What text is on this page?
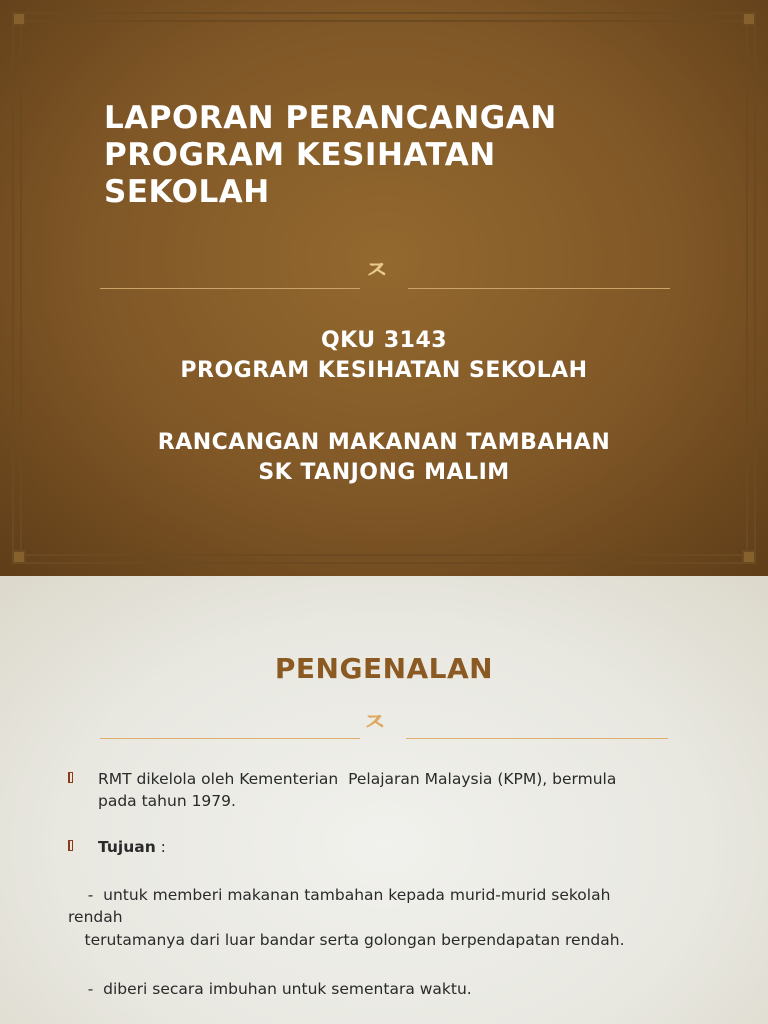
LAPORAN PERANCANGAN
PROGRAM KESIHATAN
SEKOLAH
ㅈ
QKU 3143
PROGRAM KESIHATAN SEKOLAH
RANCANGAN MAKANAN TAMBAHAN
SK TANJONG MALIM
PENGENALAN
ㅈ
RMT dikelola oleh Kementerian  Pelajaran Malaysia (KPM), bermula
pada tahun 1979.
Tujuan :
-  untuk memberi makanan tambahan kepada murid-murid sekolah
rendah
terutamanya dari luar bandar serta golongan berpendapatan rendah.
-  diberi secara imbuhan untuk sementara waktu.
